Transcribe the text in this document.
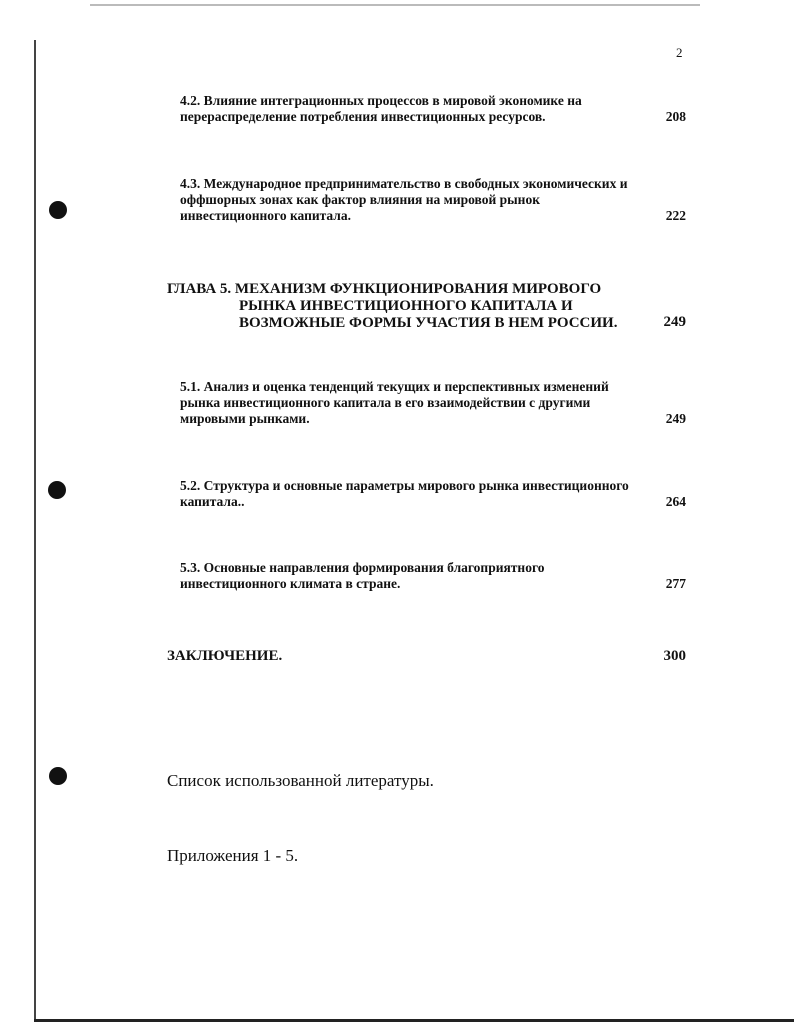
2
4.2. Влияние интеграционных процессов в мировой экономике на
перераспределение потребления инвестиционных ресурсов.	208
4.3. Международное предпринимательство в свободных экономических и
оффшорных зонах как фактор влияния на мировой рынок
инвестиционного капитала.	222
ГЛАВА 5. МЕХАНИЗМ ФУНКЦИОНИРОВАНИЯ МИРОВОГО
РЫНКА ИНВЕСТИЦИОННОГО КАПИТАЛА И
ВОЗМОЖНЫЕ ФОРМЫ УЧАСТИЯ В НЕМ РОССИИ.	249
5.1. Анализ и оценка тенденций текущих и перспективных изменений
рынка инвестиционного капитала в его взаимодействии с другими
мировыми рынками.	249
5.2. Структура и основные параметры мирового рынка инвестиционного
капитала..	264
5.3. Основные направления формирования благоприятного
инвестиционного климата в стране.	277
ЗАКЛЮЧЕНИЕ.	300
Список использованной литературы.
Приложения 1 - 5.
